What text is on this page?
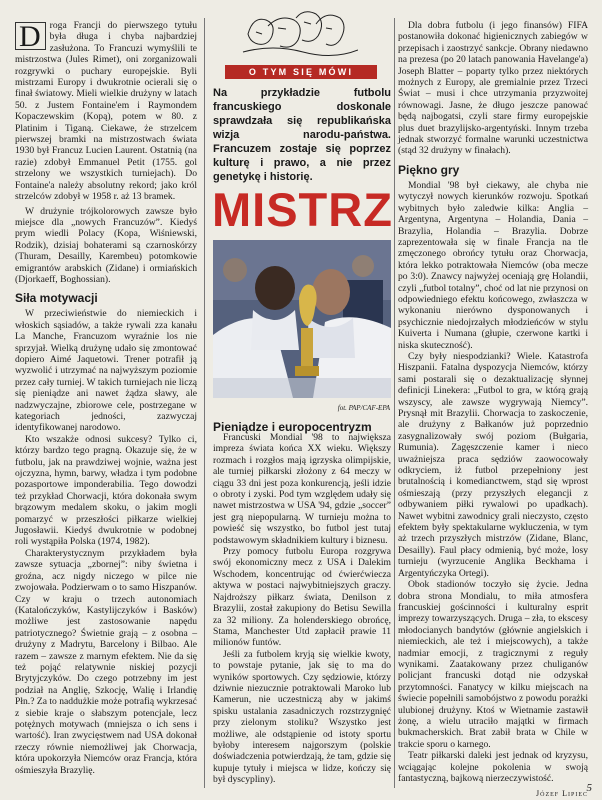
D roga Francji do pierwszego tytułu była długa i chyba najbardziej zasłużona. To Francuzi wymyślili te mistrzostwa (Jules Rimet), oni zorganizowali rozgrywki o puchary europejskie. Byli mistrzami Europy i dwukrotnie ocierali się o finał światowy. Mieli wielkie drużyny w latach 50. z Justem Fontaine'em i Raymondem Kopaczewskim (Kopą), potem w 80. z Platinim i Tiganą. Ciekawe, że strzelcem pierwszej bramki na mistrzostwach świata 1930 był Francuz Lucien Laurent. Ostatnią (na razie) zdobył Emmanuel Petit (1755. gol strzelony we wszystkich turniejach). Do Fontaine'a należy absolutny rekord; jako król strzelców zdobył w 1958 r. aż 13 bramek.

W drużynie trójkolorowych zawsze było miejsce dla „nowych Francuzów”. Kiedyś prym wiedli Polacy (Kopa, Wiśniewski, Rodzik), dzisiaj bohaterami są czarnoskórzy (Thuram, Desailly, Karembeu) potomkowie emigrantów arabskich (Zidane) i ormiańskich (Djorkaeff, Boghossian).

Siła motywacji

W przeciwieństwie do niemieckich i włoskich sąsiadów, a także rywali zza kanału La Manche, Francuzom wyraźnie los nie sprzyjał. Wielką drużynę udało się zmontować dopiero Aimé Jaquetowi. Trener potrafił ją wyzwolić i utrzymać na najwyższym poziomie przez cały turniej. W takich turniejach nie liczą się pieniądze ani nawet żądza sławy, ale nadzwyczajne, zbiorowe cele, postrzegane w kategoriach jedności, zazwyczaj identyfikowanej narodowo.

Kto wszakże odnosi sukcesy? Tylko ci, którzy bardzo tego pragną. Okazuje się, że w futbolu, jak na prawdziwej wojnie, ważna jest ojczyzna, hymn, barwy, władza i tym podobne pozasportowe imponderabilia. Tego dowodzi też przykład Chorwacji, która dokonała swym brązowym medalem skoku, o jakim mogli pomarzyć w przeszłości piłkarze wielkiej Jugosławii. Kiedyś dwukrotnie w podobnej roli wystąpiła Polska (1974, 1982).

Charakterystycznym przykładem była zawsze sytuacja „zbornej”: niby świetna i groźna, acz nigdy niczego w pilce nie zwojowała. Podzierwam o to samo Hiszpanów. Czy w kraju o trzech autonomiach (Katalończyków, Kastylijczyków i Basków) możliwe jest zastosowanie napędu patriotycznego? Świetnie grają – z osobna – drużyny z Madrytu, Barcelony i Bilbao. Ale razem – zawsze z marnym efektem. Nie da się też pojąć relatywnie niskiej pozycji Brytyjczyków. Do czego potrzebny im jest podział na Anglię, Szkocję, Walię i Irlandię Płn.? Za to naddużkie może potrafią wykrzesać z siebie kraje o słabszym potencjale, lecz potężnych motywach (mniejsza o ich sens i wartość). Iran zwycięstwem nad USA dokonał rzeczy równie niemożliwej jak Chorwacja, która upokorzyła Niemców oraz Francja, która ośmieszyła Brazylię.

O TYM SIĘ MÓWI
Na przykładzie futbolu francuskiego doskonale sprawdzała się republikańska wizja narodu-państwa. Francuzem zostaje się poprzez kulturę i prawo, a nie przez genetykę i historię.
MISTRZ
fot. PAP/CAF-EPA
Pieniądze i europocentryzm

Francuski Mondial '98 to największa impreza świata końca XX wieku. Większy rozmach i rozgłos mają igrzyska olimpijskie, ale turniej piłkarski złożony z 64 meczy w ciągu 33 dni jest poza konkurencją, jeśli idzie o obroty i zyski. Pod tym względem udały się nawet mistrzostwa w USA '94, gdzie „soccer” jest grą niepopularną. W turnieju można to powieść się wszystko, bo futbol jest tutaj podstawowym składnikiem kultury i biznesu.

Przy pomocy futbolu Europa rozgrywa swój ekonomiczny mecz z USA i Dalekim Wschodem, koncentrując od ćwierćwiecza aktywa w postaci najwybitniejszych graczy. Najdroższy piłkarz świata, Denilson z Brazylii, został zakupiony do Betisu Sewilla za 32 miliony. Za holenderskiego obrońcę, Stama, Manchester Utd zapłacił prawie 11 milionów funtów.

Jeśli za futbolem kryją się wielkie kwoty, to powstaje pytanie, jak się to ma do wyników sportowych. Czy sędziowie, którzy dziwnie niezucznie potraktowali Maroko lub Kamerun, nie uczestniczą aby w jakimś spisku ustalania zasadniczych rozstrzygnięć przy zielonym stoliku? Wszystko jest możliwe, ale odstąpienie od istoty sportu byłoby interesem najgorszym (polskie doświadczenia potwierdzają, że tam, gdzie się kupuje tytuły i miejsca w lidze, kończy się był dyscypliny).

Dla dobra futbolu (i jego finansów) FIFA postanowiła dokonać higienicznych zabiegów w przepisach i zaostrzyć sankcje. Obrany niedawno na prezesa (po 20 latach panowania Havelange'a) Joseph Blatter – poparty tylko przez niektórych możnych z Europy, ale gremialnie przez Trzeci Świat – musi i chce utrzymania przyzwoitej równowagi. Jasne, że długo jeszcze panować będą najbogatsi, czyli stare firmy europejskie plus duet brazylijsko-argentyński. Innym trzeba jednak stworzyć formalne warunki uczestnictwa (stąd 32 drużyny w finałach).

Piękno gry

Mondial '98 był ciekawy, ale chyba nie wytyczył nowych kierunków rozwoju. Spotkań wybitnych było zaledwie kilka: Anglia – Argentyna, Argentyna – Holandia, Dania – Brazylia, Holandia – Brazylia. Dobrze zaprezentowała się w finale Francja na tle zmęczonego obrońcy tytułu oraz Chorwacja, która lekko potraktowała Niemców (oba mecze po 3:0). Znawcy najwyżej oceniają grę Holandii, czyli „futbol totalny”, choć od lat nie przynosi on odpowiedniego efektu końcowego, zwłaszcza w wykonaniu nierówno dysponowanych i psychicznie niedojrzałych młodzieńców w stylu Kuiverta i Numana (głupie, czerwone kartki i niska skuteczność).

Czy były niespodzianki? Wiele. Katastrofa Hiszpanii. Fatalna dyspozycja Niemców, którzy sami postarali się o dezaktualizację słynnej definicji Linekera: „Futbol to gra, w którą grają wszyscy, ale zawsze wygrywają Niemcy”. Prysnął mit Brazylii. Chorwacja to zaskoczenie, ale drużyny z Bałkanów już poprzednio zasygnalizowały swój poziom (Bułgaria, Rumunia). Zagęszczenie kamer i nieco uważniejsza praca sędziów zaowocowały odkryciem, iż futbol przepełniony jest brutalnością i komedianctwem, stąd się wprost ośmieszają (przy przyszłych elegancji z odbywaniem piłki rywalowi po upadkach). Nawet wybitni zawodnicy grali nieczysto, często efektem były spektakularne wykluczenia, w tym aż trzech przyszłych mistrzów (Zidane, Blanc, Desailly). Faul płacy odmienią, być może, losy turnieju (wyrzucenie Anglika Beckhama i Argentyńczyka Ortegi).

Obok stadionów toczyło się życie. Jedna dobra strona Mondialu, to miła atmosfera francuskiej gościnności i kulturalny esprit imprezy towarzyszących. Druga – zła, to ekscesy młodocianych bandytów (głównie angielskich i niemieckich, ale też i miejscowych), a także nadmiar emocji, z tragicznymi z reguły wynikami. Zaatakowany przez chuliganów policjant francuski dotąd nie odzyskał przytomności. Fanatycy w kilku miejscach na świecie popełnili samobójstwo z powodu porażki ulubionej drużyny. Ktoś w Wietnamie zastawił żonę, a wielu utraciło majątki w firmach bukmacherskich. Brat zabił brata w Chile w trakcie sporu o karnego.

Teatr piłkarski daleki jest jednak od kryzysu, wciągając kolejne pokolenia w swoją fantastyczną, bajkową nierzeczywistość.

Józef Lipiec
5
